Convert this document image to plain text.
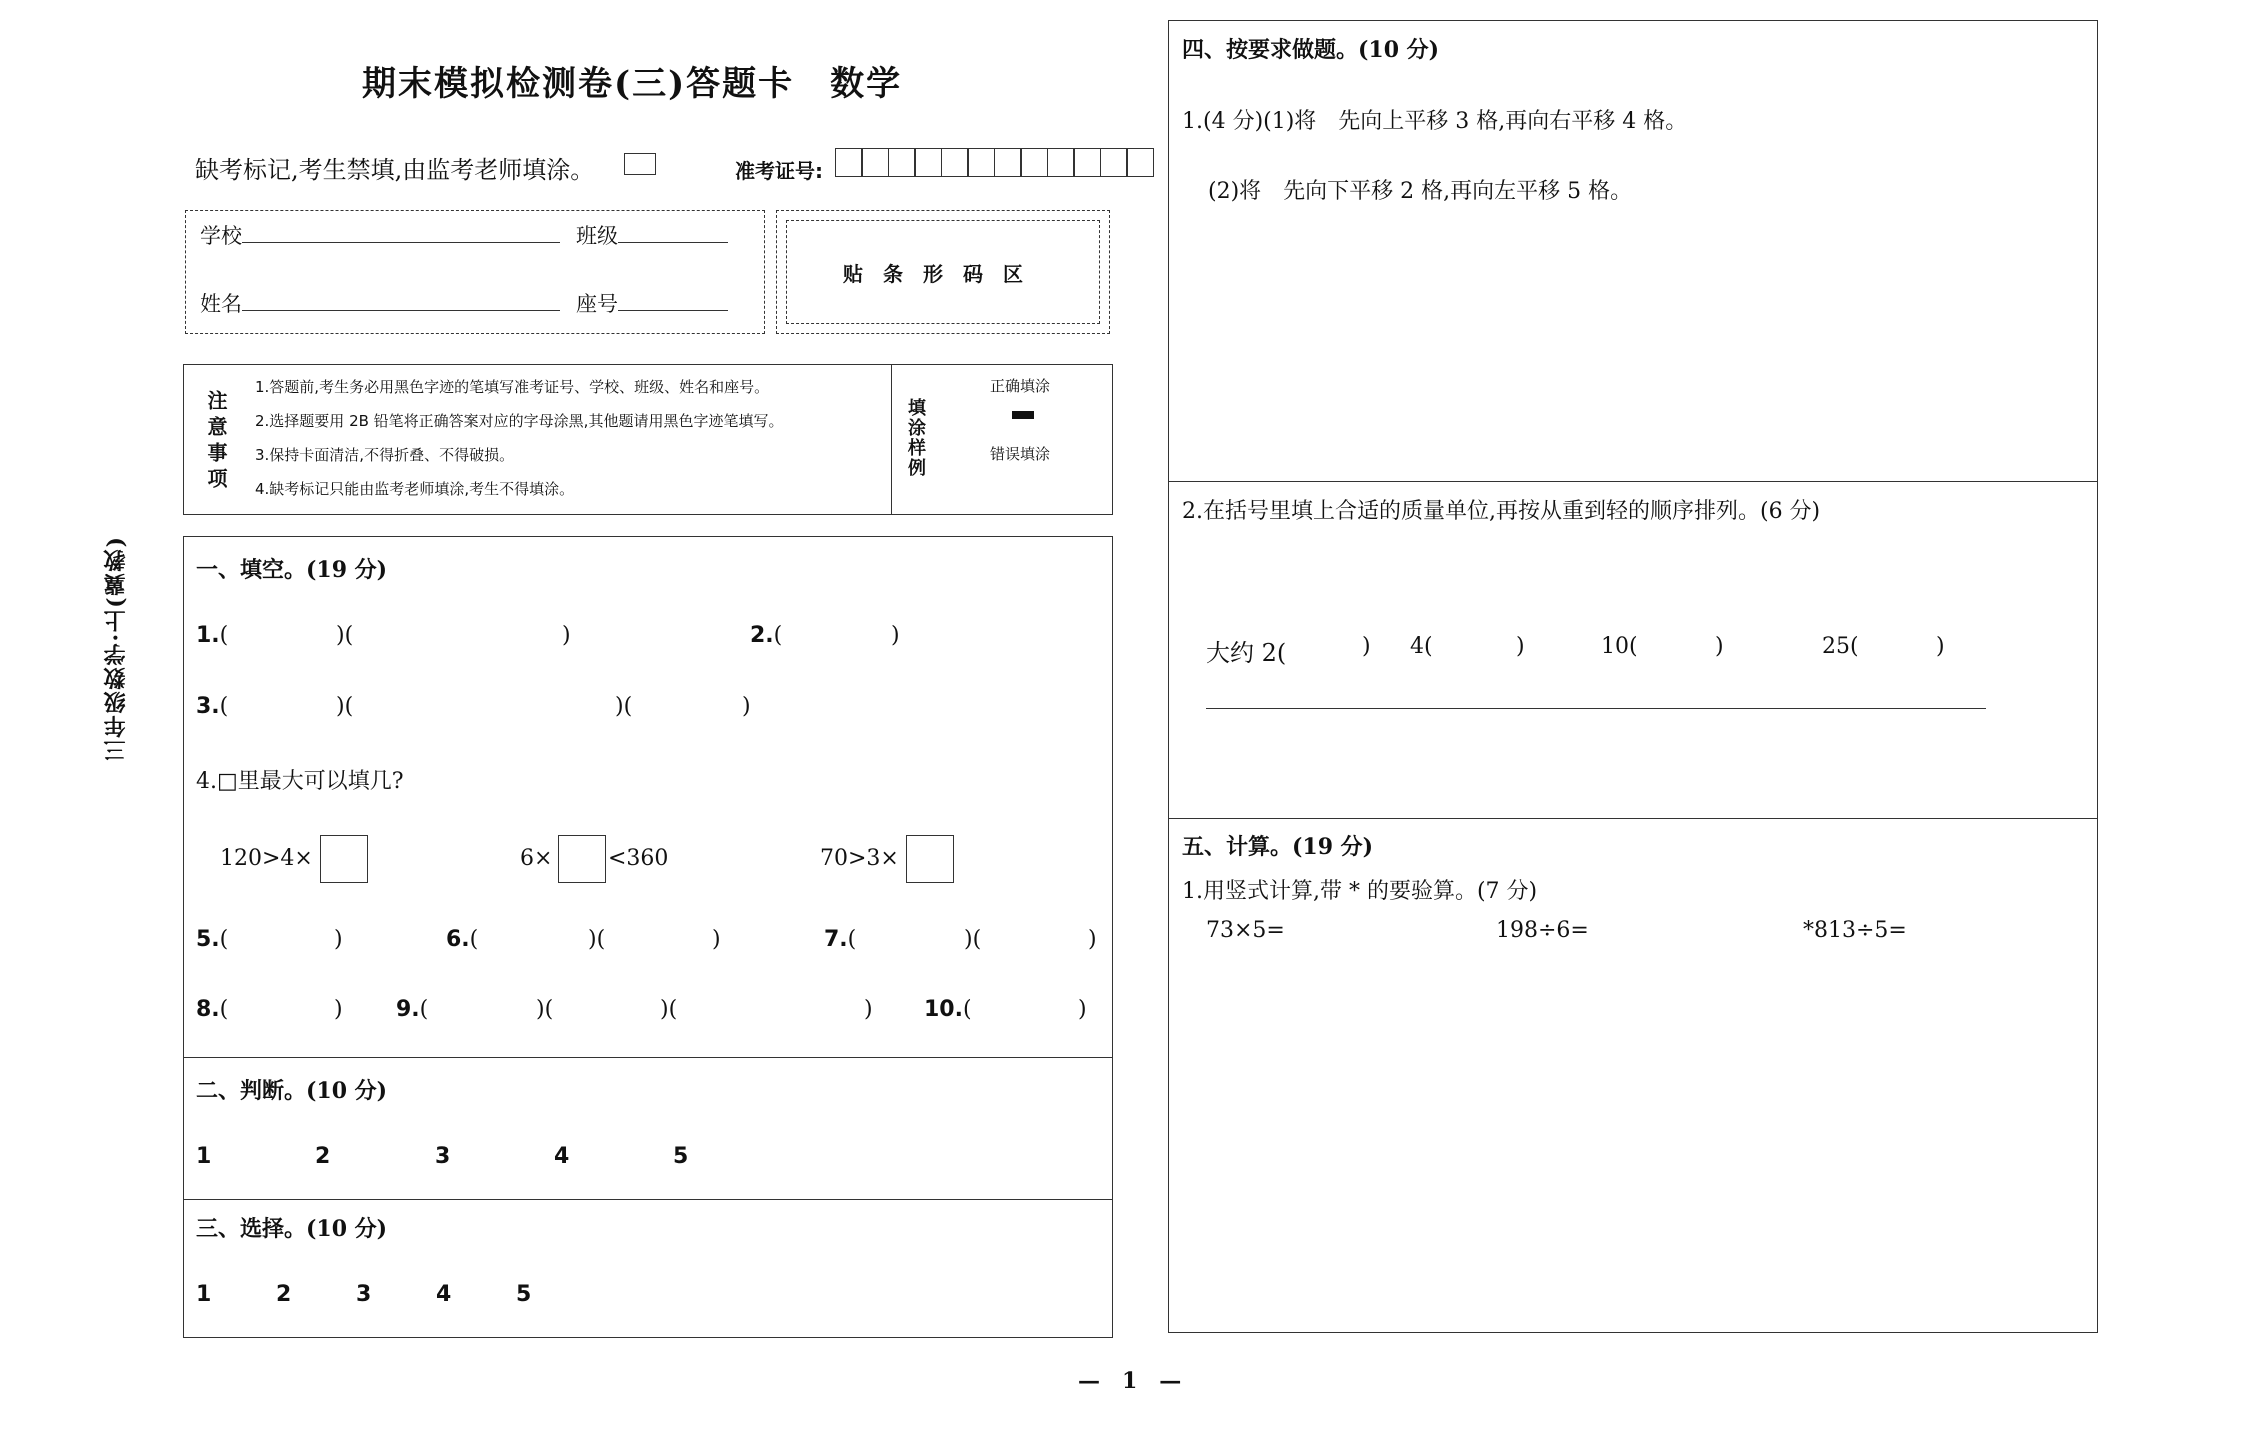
三年级数学·上(冀教)
期末模拟检测卷(三)答题卡　数学
缺考标记,考生禁填,由监考老师填涂。	准考证号:
学校	班级
姓名	座号
贴　条　形　码　区
注意事项
1.答题前,考生务必用黑色字迹的笔填写准考证号、学校、班级、姓名和座号。
2.选择题要用 2B 铅笔将正确答案对应的字母涂黑,其他题请用黑色字迹笔填写。
3.保持卡面清洁,不得折叠、不得破损。
4.缺考标记只能由监考老师填涂,考生不得填涂。
填涂样例
正确填涂
错误填涂
一、填空。(19 分)
1.(	)(	)	2.(	)
3.(	)(	)(	)
4.□里最大可以填几?
120>4×	6×	<360	70>3×
5.(	)	6.(	)(	)	7.(	)(	)
8.(	) 9.(	)(	)(	) 10.(	)
二、判断。(10 分)
1	2	3	4	5
三、选择。(10 分)
1	2	3	4	5
四、按要求做题。(10 分)
1.(4 分)(1)将　先向上平移 3 格,再向右平移 4 格。
(2)将　先向下平移 2 格,再向左平移 5 格。
2.在括号里填上合适的质量单位,再按从重到轻的顺序排列。(6 分)
大约 2(	) 4(	)	10(	)	25(	)
五、计算。(19 分)
1.用竖式计算,带 * 的要验算。(7 分)
73×5=	198÷6=	*813÷5=
—　1　—
